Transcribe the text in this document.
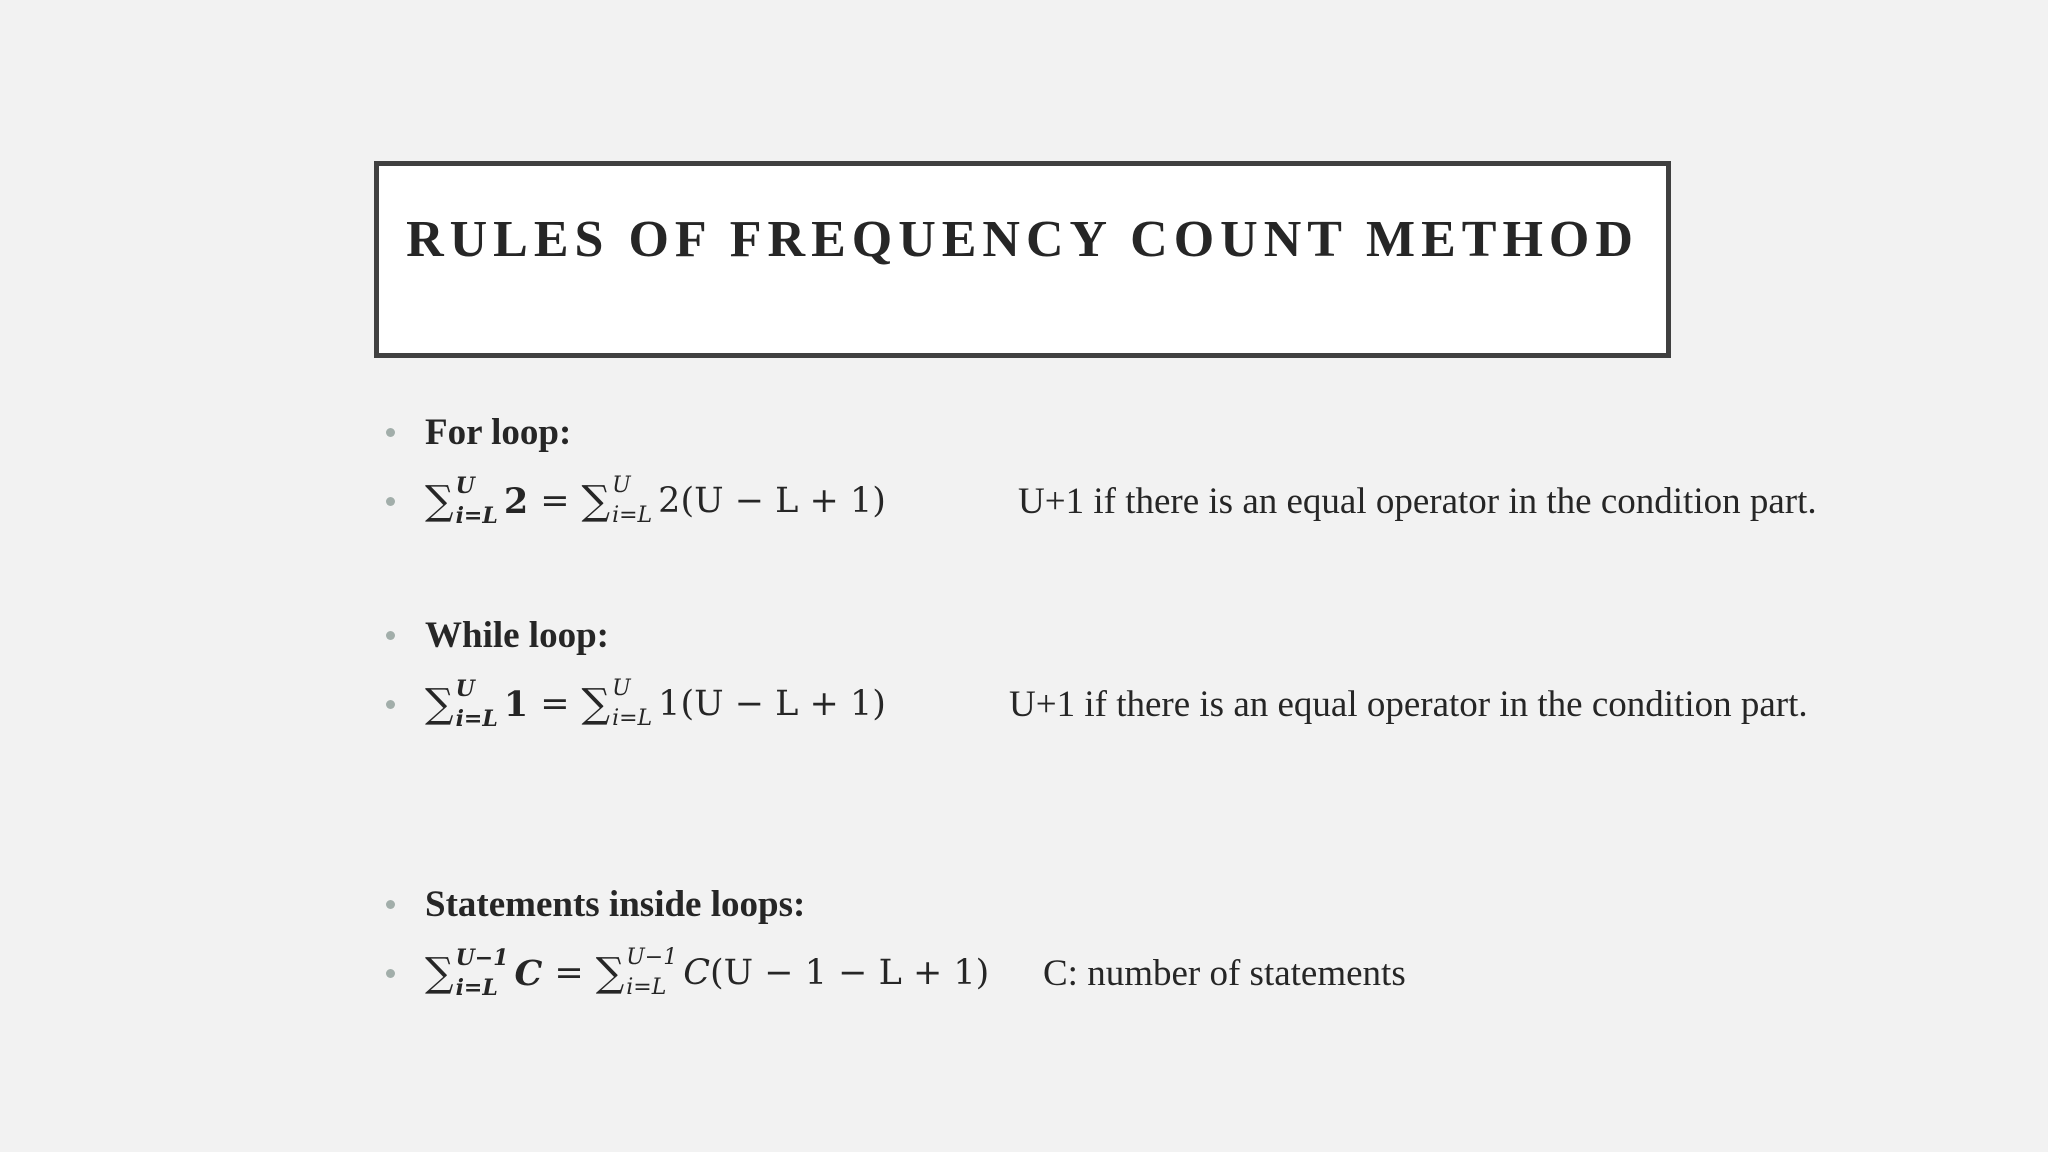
RULES OF FREQUENCY COUNT METHOD
For loop:
∑ U
i=L 2 = ∑ U
i=L 2(U − L + 1)	U+1 if there is an equal operator in the condition part.
While loop:
∑ U
i=L 1 = ∑ U
i=L 1(U − L + 1)	U+1 if there is an equal operator in the condition part.
Statements inside loops:
∑ U−1
i=L C = ∑ U−1
i=L C (U − 1 − L + 1) C: number of statements
